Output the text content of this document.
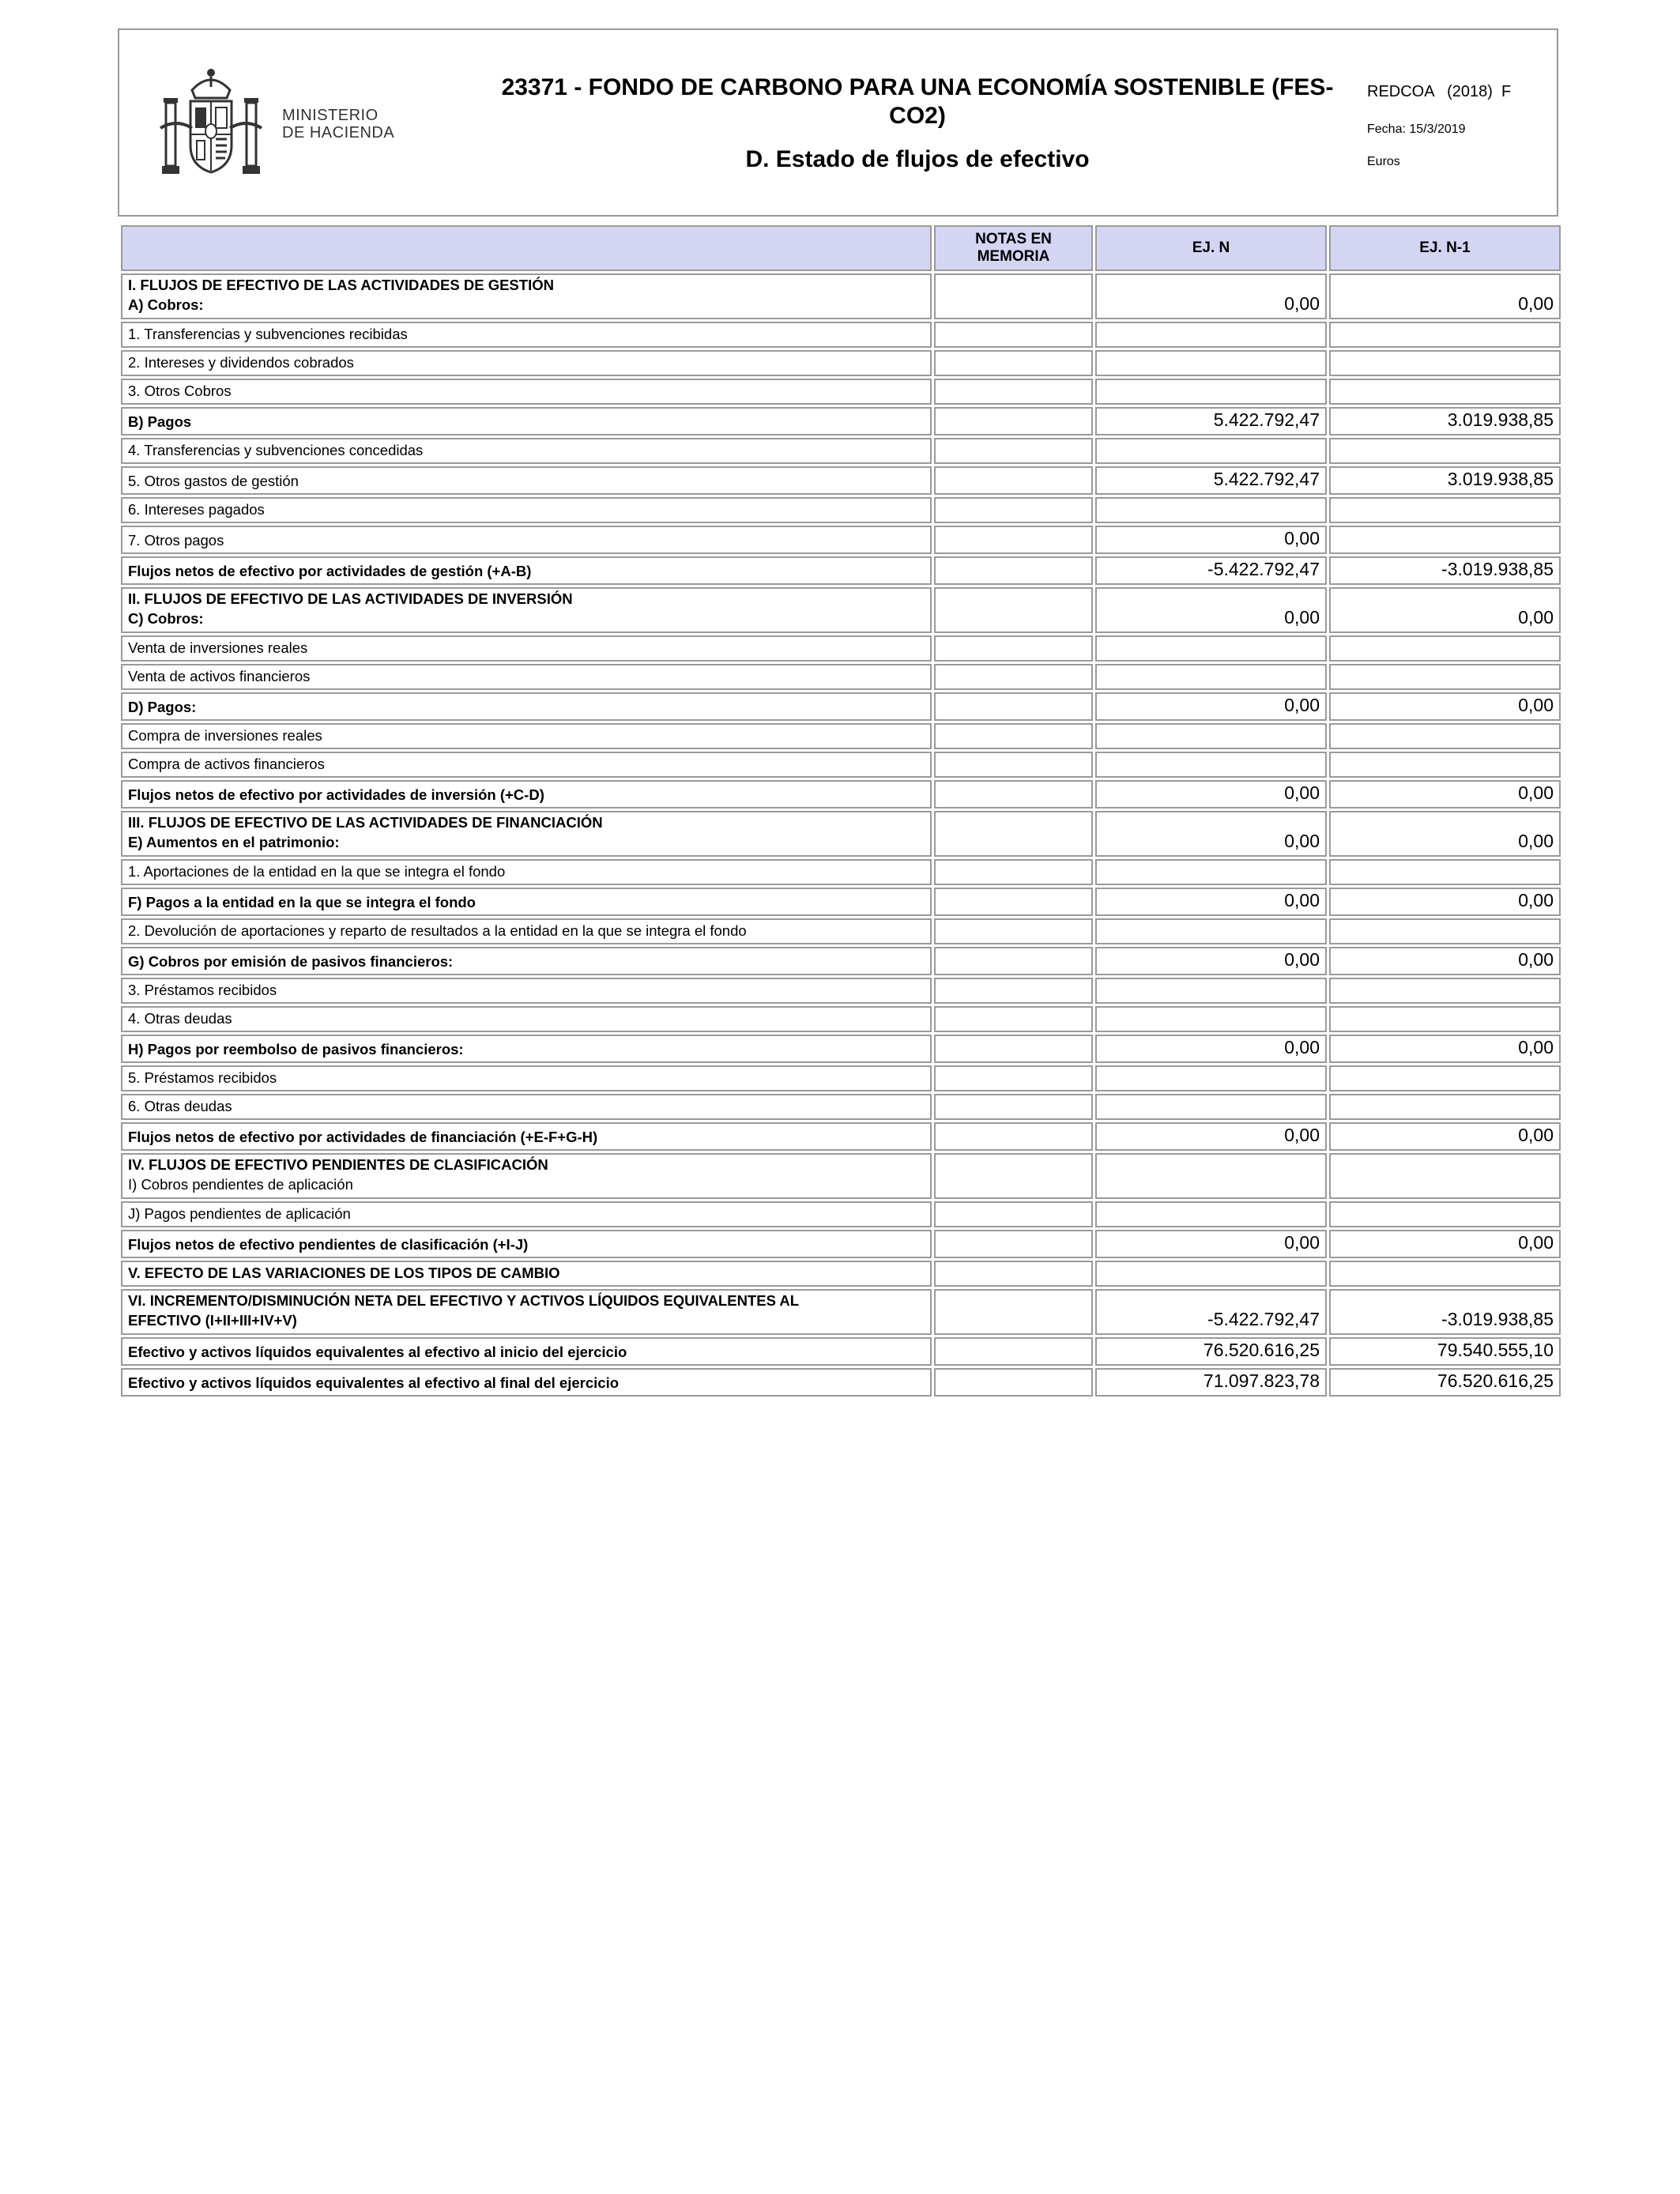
MINISTERIO
DE HACIENDA
23371 - FONDO DE CARBONO PARA UNA ECONOMÍA SOSTENIBLE (FES-
CO2)
D. Estado de flujos de efectivo
REDCOA   (2018)  F
Fecha: 15/3/2019
Euros
	NOTAS EN MEMORIA	EJ. N	EJ. N-1

I. FLUJOS DE EFECTIVO DE LAS ACTIVIDADES DE GESTIÓN
A) Cobros:		0,00	0,00
1. Transferencias y subvenciones recibidas			
2. Intereses y dividendos cobrados			
3. Otros Cobros			
B) Pagos		5.422.792,47	3.019.938,85
4. Transferencias y subvenciones concedidas			
5. Otros gastos de gestión		5.422.792,47	3.019.938,85
6. Intereses pagados			
7. Otros pagos		0,00	
Flujos netos de efectivo por actividades de gestión (+A-B)		-5.422.792,47	-3.019.938,85

II. FLUJOS DE EFECTIVO DE LAS ACTIVIDADES DE INVERSIÓN
C) Cobros:		0,00	0,00
Venta de inversiones reales			
Venta de activos financieros			
D) Pagos:		0,00	0,00
Compra de inversiones reales			
Compra de activos financieros			
Flujos netos de efectivo por actividades de inversión (+C-D)		0,00	0,00

III. FLUJOS DE EFECTIVO DE LAS ACTIVIDADES DE FINANCIACIÓN
E) Aumentos en el patrimonio:		0,00	0,00
1. Aportaciones de la entidad en la que se integra el fondo			
F) Pagos a la entidad en la que se integra el fondo		0,00	0,00
2. Devolución de aportaciones y reparto de resultados a la entidad en la que se integra el fondo			
G) Cobros por emisión de pasivos financieros:		0,00	0,00
3. Préstamos recibidos			
4. Otras deudas			
H) Pagos por reembolso de pasivos financieros:		0,00	0,00
5. Préstamos recibidos			
6. Otras deudas			
Flujos netos de efectivo por actividades de financiación (+E-F+G-H)		0,00	0,00

IV. FLUJOS DE EFECTIVO PENDIENTES DE CLASIFICACIÓN
I) Cobros pendientes de aplicación			

J) Pagos pendientes de aplicación			
Flujos netos de efectivo pendientes de clasificación (+I-J)		0,00	0,00
V. EFECTO DE LAS VARIACIONES DE LOS TIPOS DE CAMBIO			

VI. INCREMENTO/DISMINUCIÓN NETA DEL EFECTIVO Y ACTIVOS LÍQUIDOS EQUIVALENTES AL
EFECTIVO (I+II+III+IV+V)		-5.422.792,47	-3.019.938,85
Efectivo y activos líquidos equivalentes al efectivo al inicio del ejercicio		76.520.616,25	79.540.555,10
Efectivo y activos líquidos equivalentes al efectivo al final del ejercicio		71.097.823,78	76.520.616,25
